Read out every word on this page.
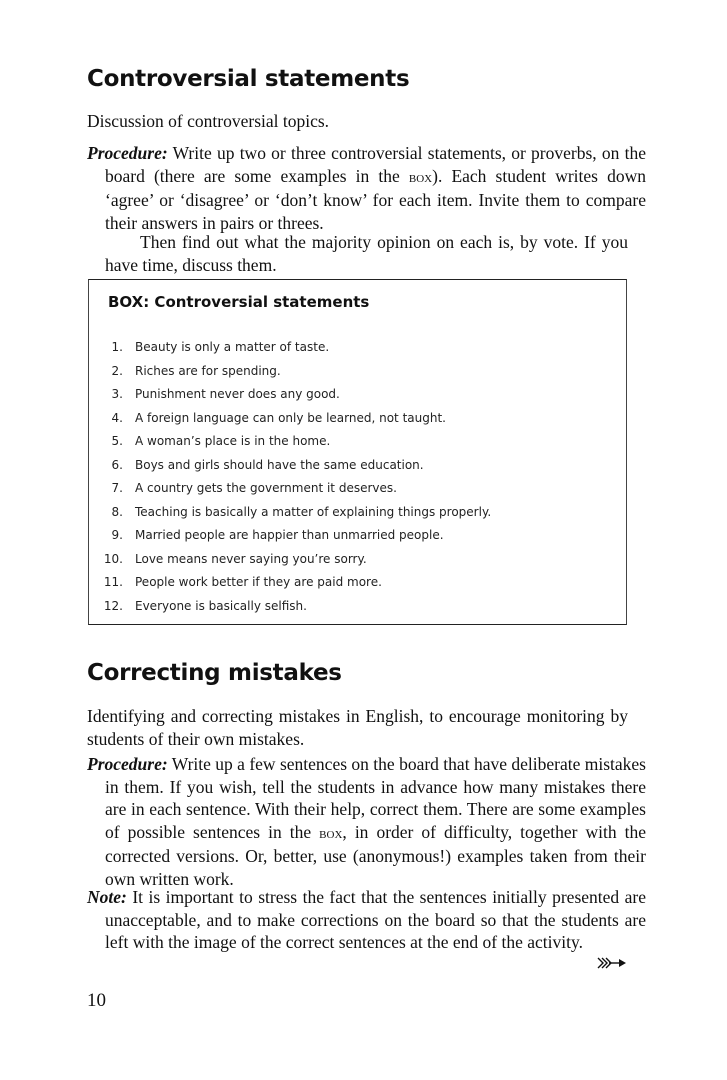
Controversial statements

Discussion of controversial topics.

Procedure: Write up two or three controversial statements, or proverbs, on the board (there are some examples in the box). Each student writes down ‘agree’ or ‘disagree’ or ‘don’t know’ for each item. Invite them to compare their answers in pairs or threes.

Then find out what the majority opinion on each is, by vote. If you have time, discuss them.

BOX: Controversial statements
1. Beauty is only a matter of taste.
2. Riches are for spending.
3. Punishment never does any good.
4. A foreign language can only be learned, not taught.
5. A woman’s place is in the home.
6. Boys and girls should have the same education.
7. A country gets the government it deserves.
8. Teaching is basically a matter of explaining things properly.
9. Married people are happier than unmarried people.
10. Love means never saying you’re sorry.
11. People work better if they are paid more.
12. Everyone is basically selfish.
Correcting mistakes

Identifying and correcting mistakes in English, to encourage monitoring by students of their own mistakes.

Procedure: Write up a few sentences on the board that have deliberate mistakes in them. If you wish, tell the students in advance how many mistakes there are in each sentence. With their help, correct them. There are some examples of possible sentences in the box, in order of difficulty, together with the corrected versions. Or, better, use (anonymous!) examples taken from their own written work.

Note: It is important to stress the fact that the sentences initially presented are unacceptable, and to make corrections on the board so that the students are left with the image of the correct sentences at the end of the activity.

10
